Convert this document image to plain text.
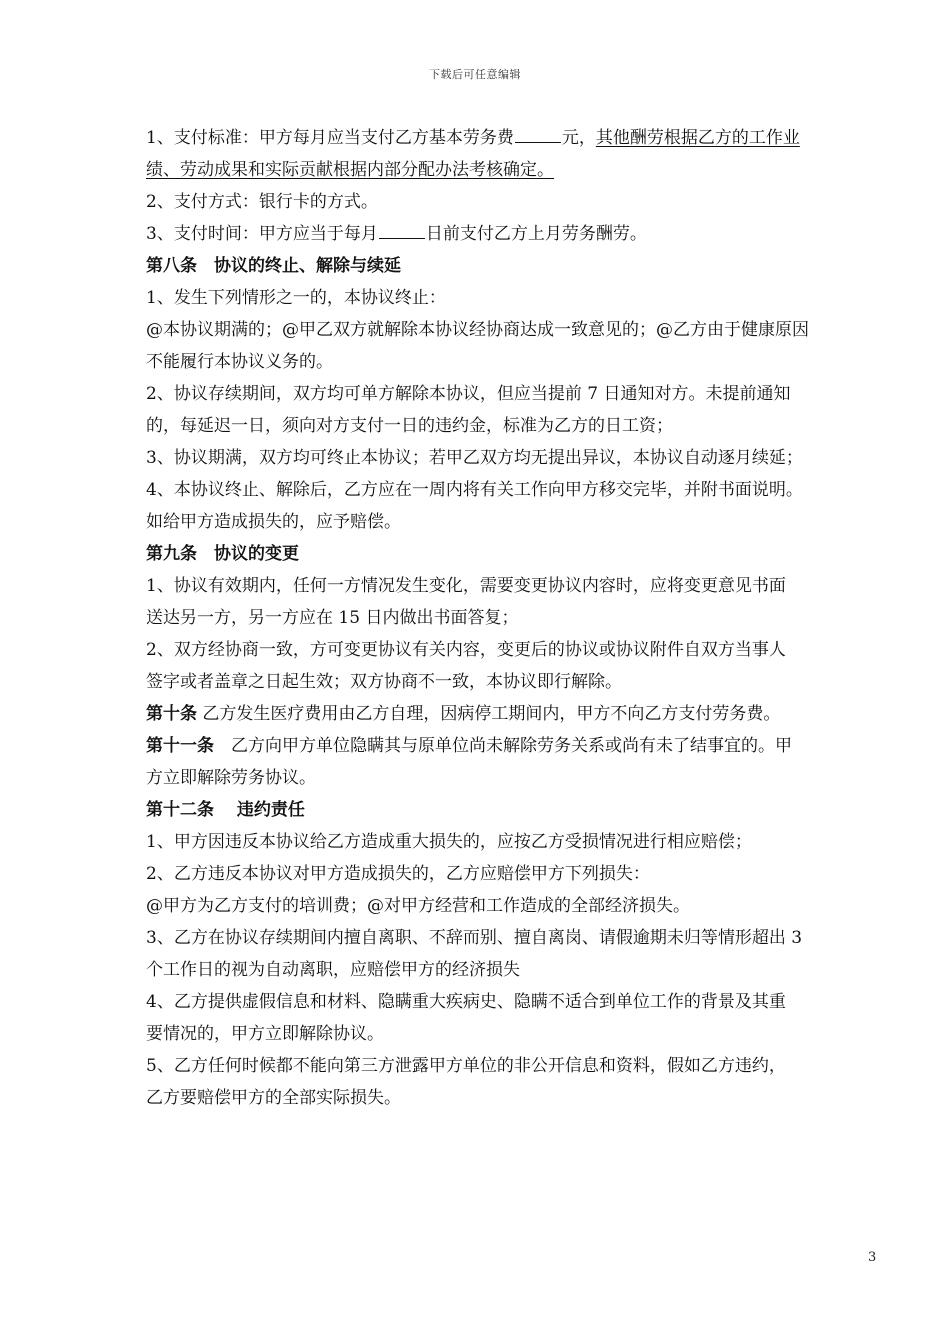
下载后可任意编辑
1、支付标准：甲方每月应当支付乙方基本劳务费	元，其他酬劳根据乙方的工作业
绩、劳动成果和实际贡献根据内部分配办法考核确定。
2、支付方式：银行卡的方式。
3、支付时间：甲方应当于每月	日前支付乙方上月劳务酬劳。
第八条　协议的终止、解除与续延
1、发生下列情形之一的，本协议终止：
@本协议期满的；@甲乙双方就解除本协议经协商达成一致意见的；@乙方由于健康原因
不能履行本协议义务的。
2、协议存续期间，双方均可单方解除本协议，但应当提前 7 日通知对方。未提前通知
的，每延迟一日，须向对方支付一日的违约金，标准为乙方的日工资；
3、协议期满，双方均可终止本协议；若甲乙双方均无提出异议，本协议自动逐月续延；
4、本协议终止、解除后，乙方应在一周内将有关工作向甲方移交完毕，并附书面说明。
如给甲方造成损失的，应予赔偿。
第九条　协议的变更
1、协议有效期内，任何一方情况发生变化，需要变更协议内容时，应将变更意见书面
送达另一方，另一方应在 15 日内做出书面答复；
2、双方经协商一致，方可变更协议有关内容，变更后的协议或协议附件自双方当事人
签字或者盖章之日起生效；双方协商不一致，本协议即行解除。
第十条 乙方发生医疗费用由乙方自理，因病停工期间内，甲方不向乙方支付劳务费。
第十一条　乙方向甲方单位隐瞒其与原单位尚未解除劳务关系或尚有未了结事宜的。甲
方立即解除劳务协议。
第十二条　 违约责任
1、甲方因违反本协议给乙方造成重大损失的，应按乙方受损情况进行相应赔偿；
2、乙方违反本协议对甲方造成损失的，乙方应赔偿甲方下列损失：
@甲方为乙方支付的培训费；@对甲方经营和工作造成的全部经济损失。
3、乙方在协议存续期间内擅自离职、不辞而别、擅自离岗、请假逾期未归等情形超出 3
个工作日的视为自动离职，应赔偿甲方的经济损失
4、乙方提供虚假信息和材料、隐瞒重大疾病史、隐瞒不适合到单位工作的背景及其重
要情况的，甲方立即解除协议。
5、乙方任何时候都不能向第三方泄露甲方单位的非公开信息和资料，假如乙方违约，
乙方要赔偿甲方的全部实际损失。
3
